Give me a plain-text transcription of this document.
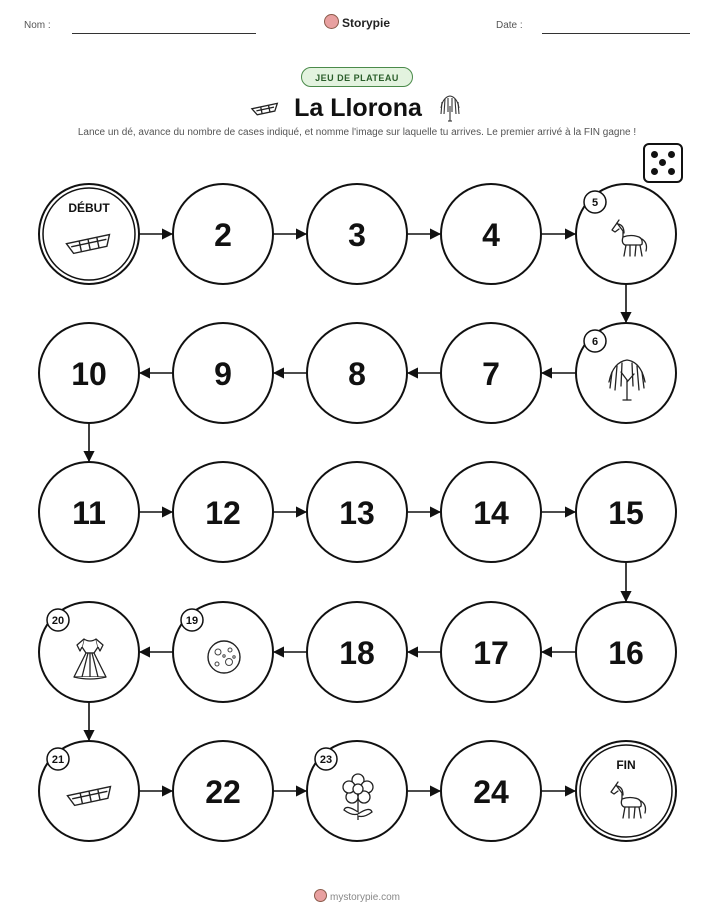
Nom :	Storypie	Date :
JEU DE PLATEAU
La Llorona
Lance un dé, avance du nombre de cases indiqué, et nomme l'image sur laquelle tu arrives. Le premier arrivé à la FIN gagne !
DÉBUT
2	3	4
5
6
7
8
9
10
11	12	13	14	15
16
17
18
19
20
21
22
23
24
FIN
mystorypie.com
